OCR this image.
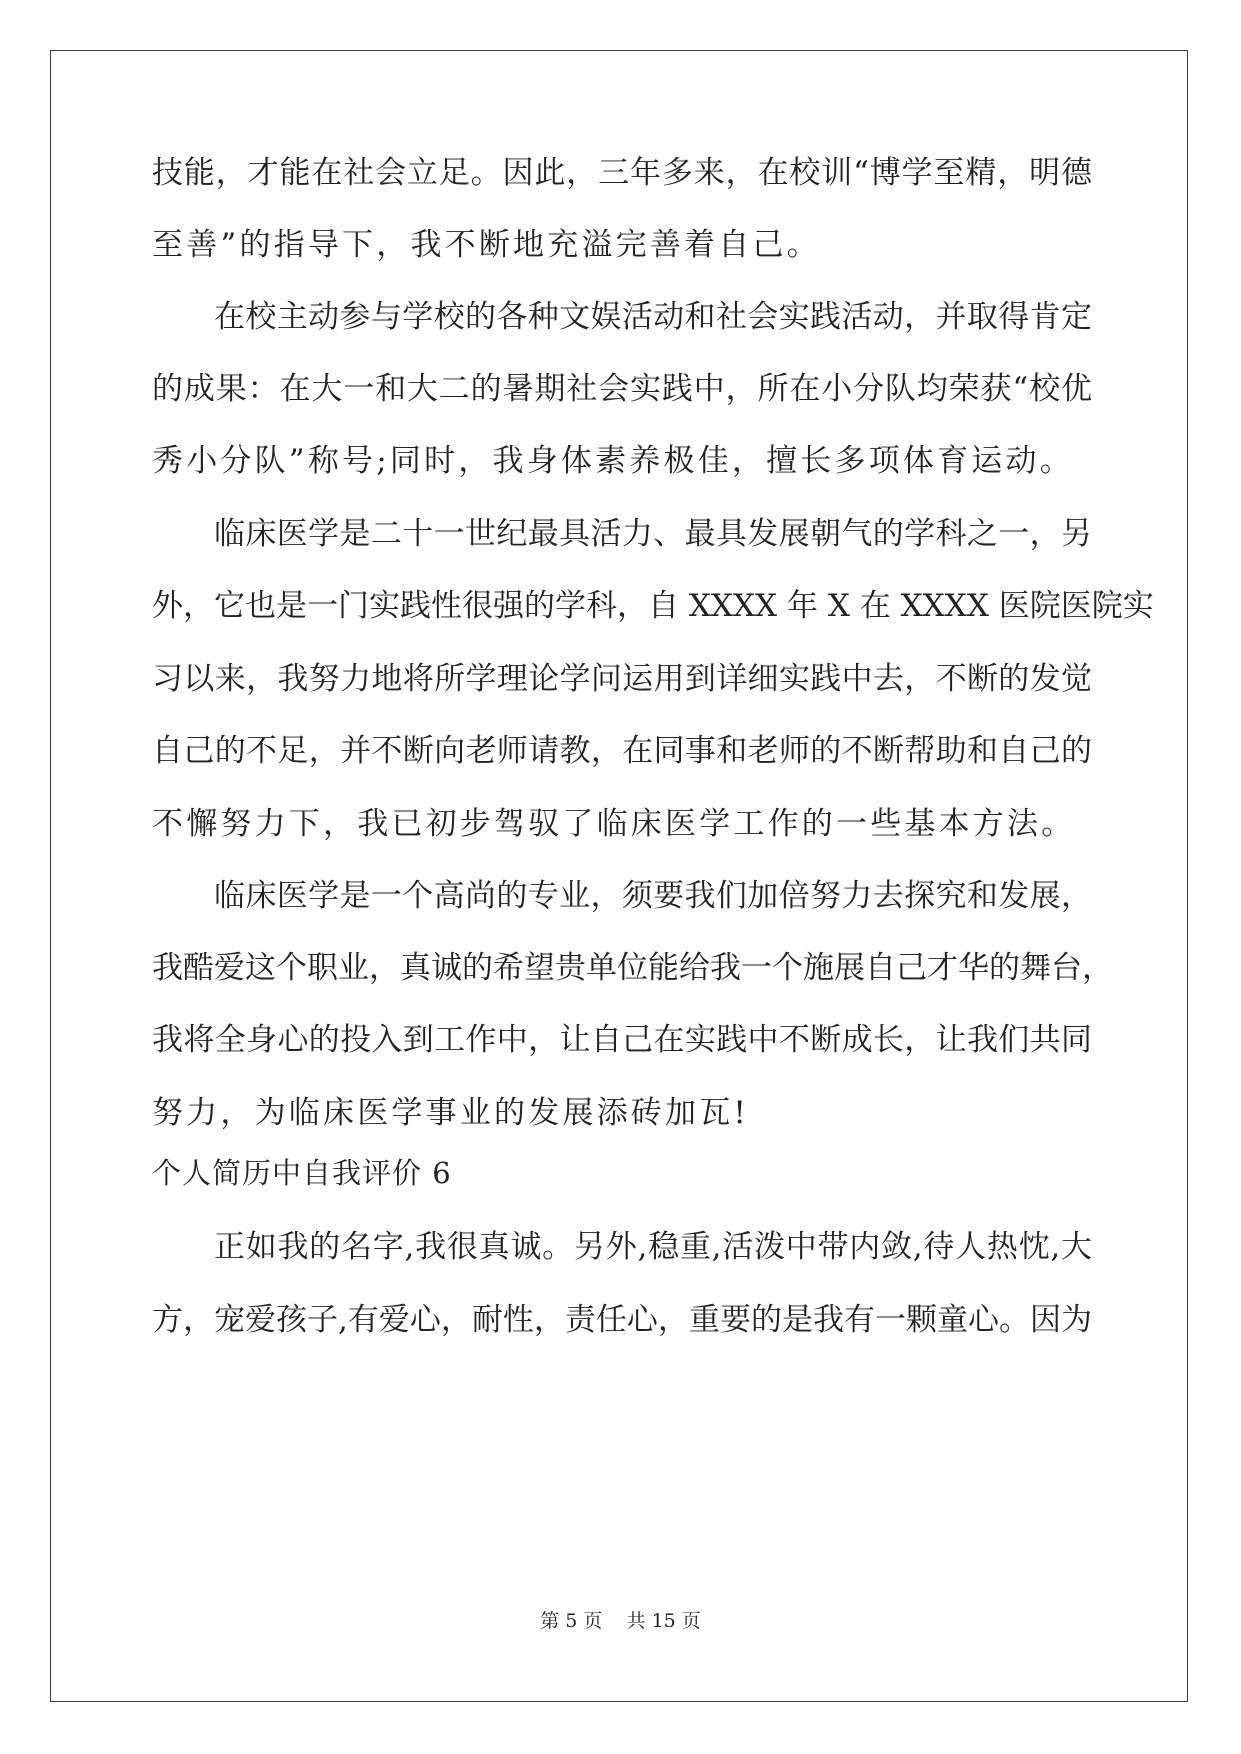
技能，才能在社会立足。因此，三年多来，在校训“博学至精，明德
至善”的指导下，我不断地充溢完善着自己。
在校主动参与学校的各种文娱活动和社会实践活动，并取得肯定
的成果：在大一和大二的暑期社会实践中，所在小分队均荣获“校优
秀小分队”称号;同时，我身体素养极佳，擅长多项体育运动。
临床医学是二十一世纪最具活力、最具发展朝气的学科之一，另
外，它也是一门实践性很强的学科，自 XXXX 年 X 在 XXXX 医院医院实
习以来，我努力地将所学理论学问运用到详细实践中去，不断的发觉
自己的不足，并不断向老师请教，在同事和老师的不断帮助和自己的
不懈努力下，我已初步驾驭了临床医学工作的一些基本方法。
临床医学是一个高尚的专业，须要我们加倍努力去探究和发展，
我酷爱这个职业，真诚的希望贵单位能给我一个施展自己才华的舞台，
我将全身心的投入到工作中，让自己在实践中不断成长，让我们共同
努力，为临床医学事业的发展添砖加瓦!
个人简历中自我评价 6
正如我的名字,我很真诚。另外,稳重,活泼中带内敛,待人热忱,大
方，宠爱孩子,有爱心，耐性，责任心，重要的是我有一颗童心。因为
第 5 页    共 15 页
